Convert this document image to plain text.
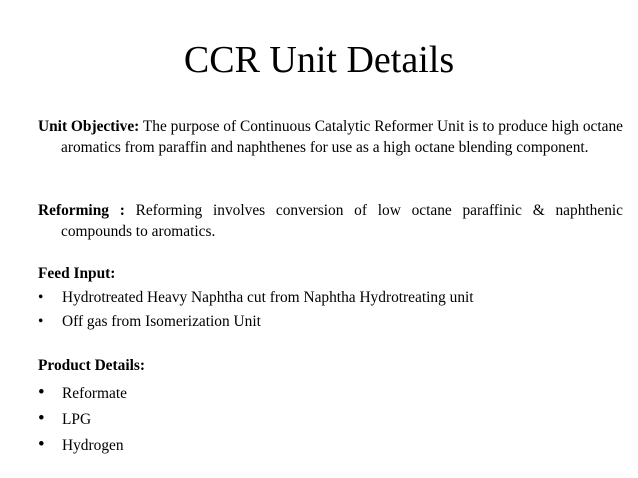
CCR Unit Details
Unit Objective: The purpose of Continuous Catalytic Reformer Unit is to produce high octane aromatics from paraffin and naphthenes for use as a high octane blending component.
Reforming : Reforming involves conversion of low octane paraffinic & naphthenic compounds to aromatics.
Feed Input:
• Hydrotreated Heavy Naphtha cut from Naphtha Hydrotreating unit
• Off gas from Isomerization Unit
Product Details:
• Reformate
• LPG
• Hydrogen
